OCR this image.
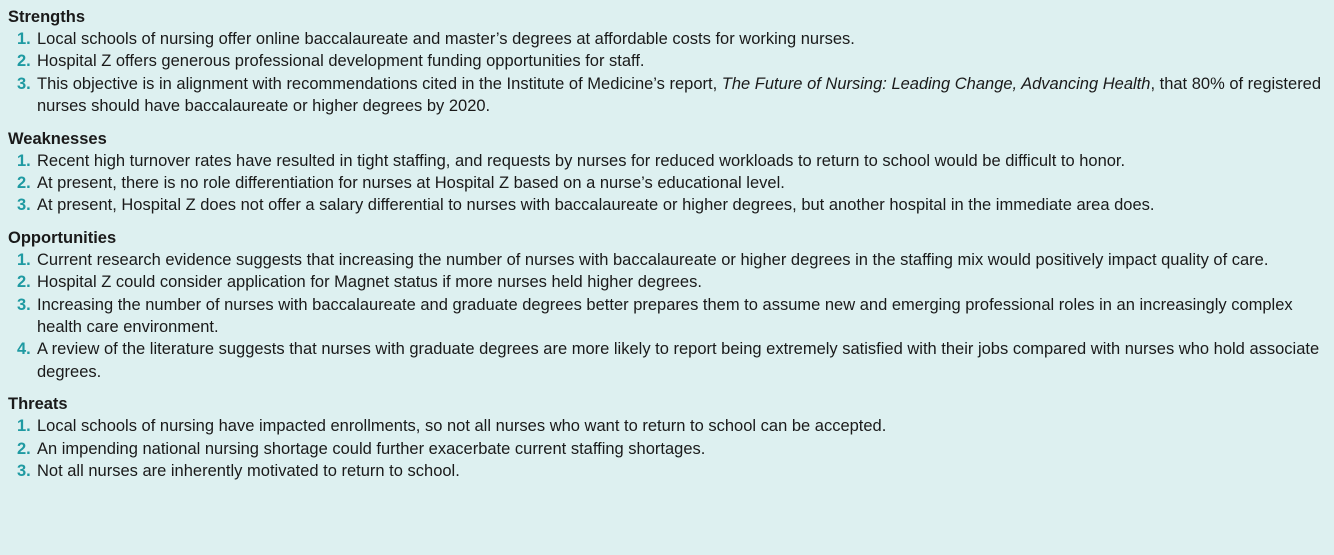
Strengths
1. Local schools of nursing offer online baccalaureate and master’s degrees at affordable costs for working nurses.
2. Hospital Z offers generous professional development funding opportunities for staff.
3. This objective is in alignment with recommendations cited in the Institute of Medicine’s report, The Future of Nursing: Leading Change, Advancing Health, that 80% of registered nurses should have baccalaureate or higher degrees by 2020.
Weaknesses
1. Recent high turnover rates have resulted in tight staffing, and requests by nurses for reduced workloads to return to school would be difficult to honor.
2. At present, there is no role differentiation for nurses at Hospital Z based on a nurse’s educational level.
3. At present, Hospital Z does not offer a salary differential to nurses with baccalaureate or higher degrees, but another hospital in the immediate area does.
Opportunities
1. Current research evidence suggests that increasing the number of nurses with baccalaureate or higher degrees in the staffing mix would positively impact quality of care.
2. Hospital Z could consider application for Magnet status if more nurses held higher degrees.
3. Increasing the number of nurses with baccalaureate and graduate degrees better prepares them to assume new and emerging professional roles in an increasingly complex health care environment.
4. A review of the literature suggests that nurses with graduate degrees are more likely to report being extremely satisfied with their jobs compared with nurses who hold associate degrees.
Threats
1. Local schools of nursing have impacted enrollments, so not all nurses who want to return to school can be accepted.
2. An impending national nursing shortage could further exacerbate current staffing shortages.
3. Not all nurses are inherently motivated to return to school.
